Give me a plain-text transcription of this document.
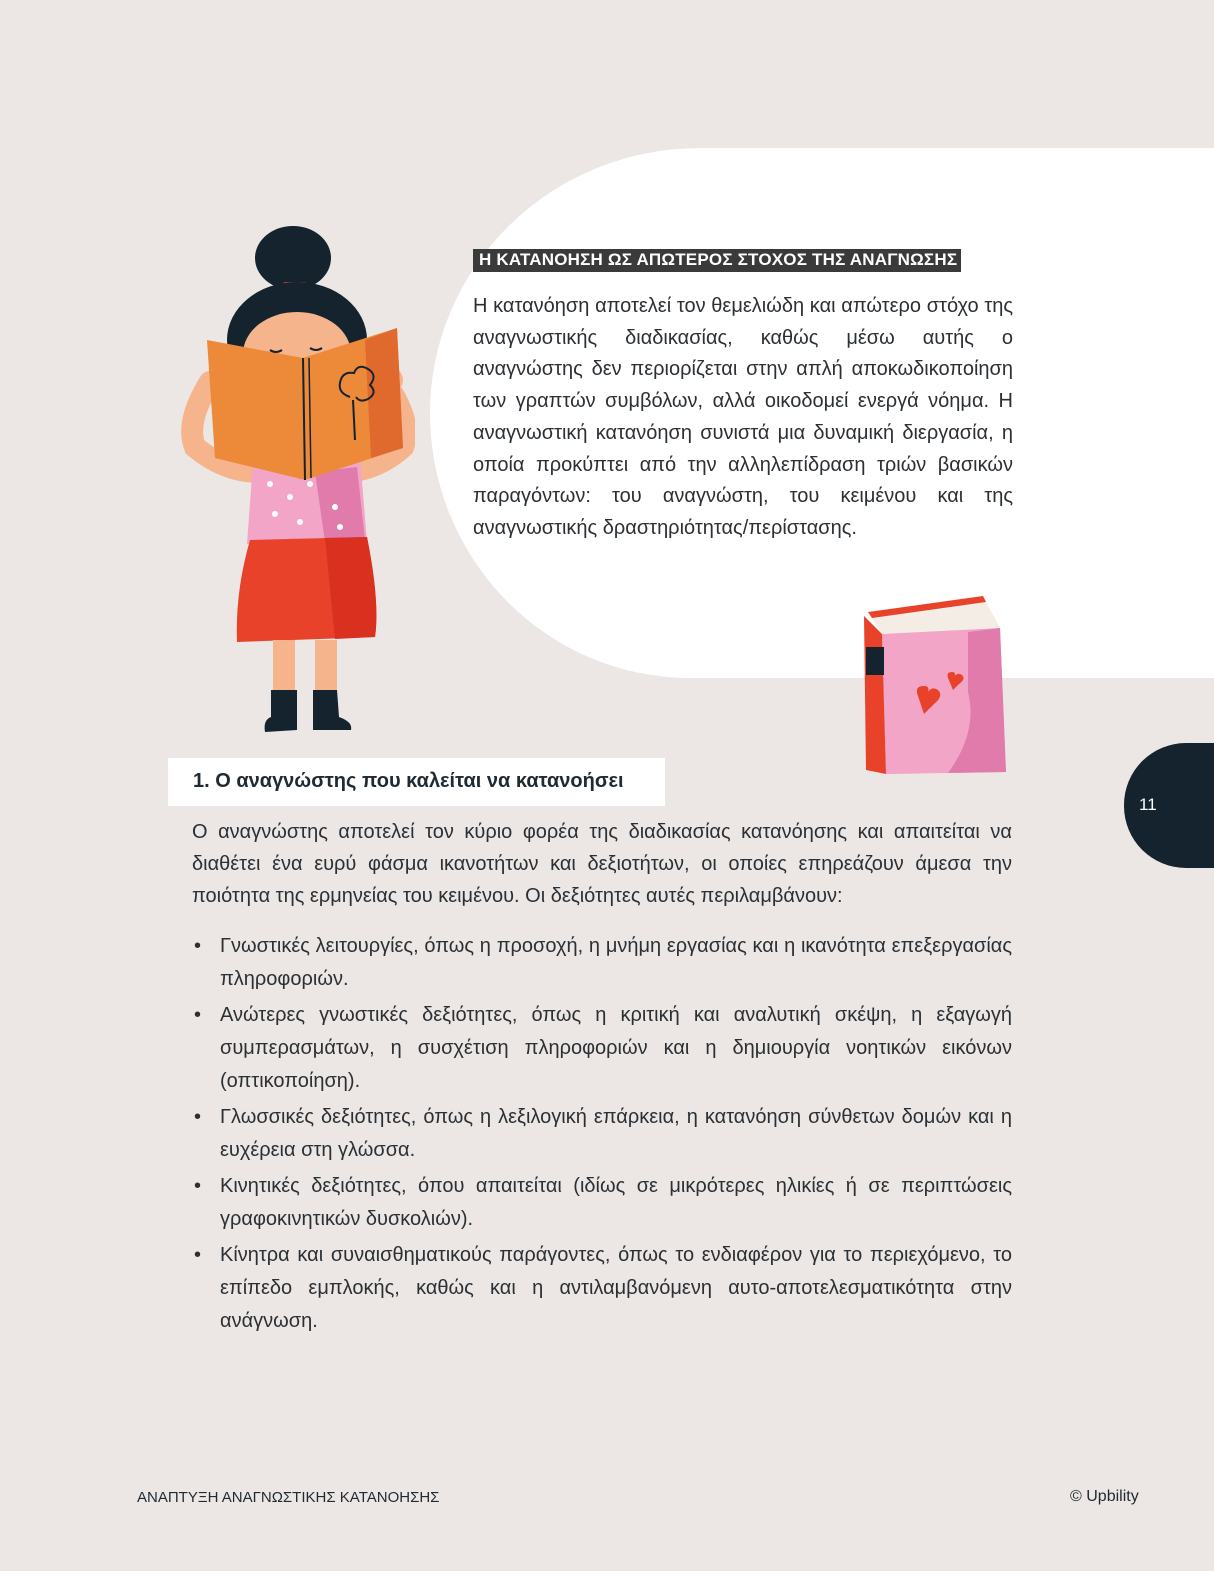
Η ΚΑΤΑΝΟΗΣΗ ΩΣ ΑΠΩΤΕΡΟΣ ΣΤΟΧΟΣ ΤΗΣ ΑΝΑΓΝΩΣΗΣ

Η κατανόηση αποτελεί τον θεμελιώδη και απώτερο στόχο της αναγνωστικής διαδικασίας, καθώς μέσω αυτής ο αναγνώστης δεν περιορίζεται στην απλή αποκωδικοποίηση των γραπτών συμβόλων, αλλά οικοδομεί ενεργά νόημα. Η αναγνωστική κατανόηση συνιστά μια δυναμική διεργασία, η οποία προκύπτει από την αλληλεπίδραση τριών βασικών παραγόντων: του αναγνώστη, του κειμένου και της αναγνωστικής δραστηριότητας/περίστασης.

1. Ο αναγνώστης που καλείται να κατανοήσει

Ο αναγνώστης αποτελεί τον κύριο φορέα της διαδικασίας κατανόησης και απαιτείται να διαθέτει ένα ευρύ φάσμα ικανοτήτων και δεξιοτήτων, οι οποίες επηρεάζουν άμεσα την ποιότητα της ερμηνείας του κειμένου. Οι δεξιότητες αυτές περιλαμβάνουν:

• Γνωστικές λειτουργίες, όπως η προσοχή, η μνήμη εργασίας και η ικανότητα επεξεργασίας πληροφοριών.
• Ανώτερες γνωστικές δεξιότητες, όπως η κριτική και αναλυτική σκέψη, η εξαγωγή συμπερασμάτων, η συσχέτιση πληροφοριών και η δημιουργία νοητικών εικόνων (οπτικοποίηση).
• Γλωσσικές δεξιότητες, όπως η λεξιλογική επάρκεια, η κατανόηση σύνθετων δομών και η ευχέρεια στη γλώσσα.
• Κινητικές δεξιότητες, όπου απαιτείται (ιδίως σε μικρότερες ηλικίες ή σε περιπτώσεις γραφοκινητικών δυσκολιών).
• Κίνητρα και συναισθηματικούς παράγοντες, όπως το ενδιαφέρον για το περιεχόμενο, το επίπεδο εμπλοκής, καθώς και η αντιλαμβανόμενη αυτο-αποτελεσματικότητα στην ανάγνωση.
11
ΑΝΑΠΤΥΞΗ ΑΝΑΓΝΩΣΤΙΚΗΣ ΚΑΤΑΝΟΗΣΗΣ	© Upbility
